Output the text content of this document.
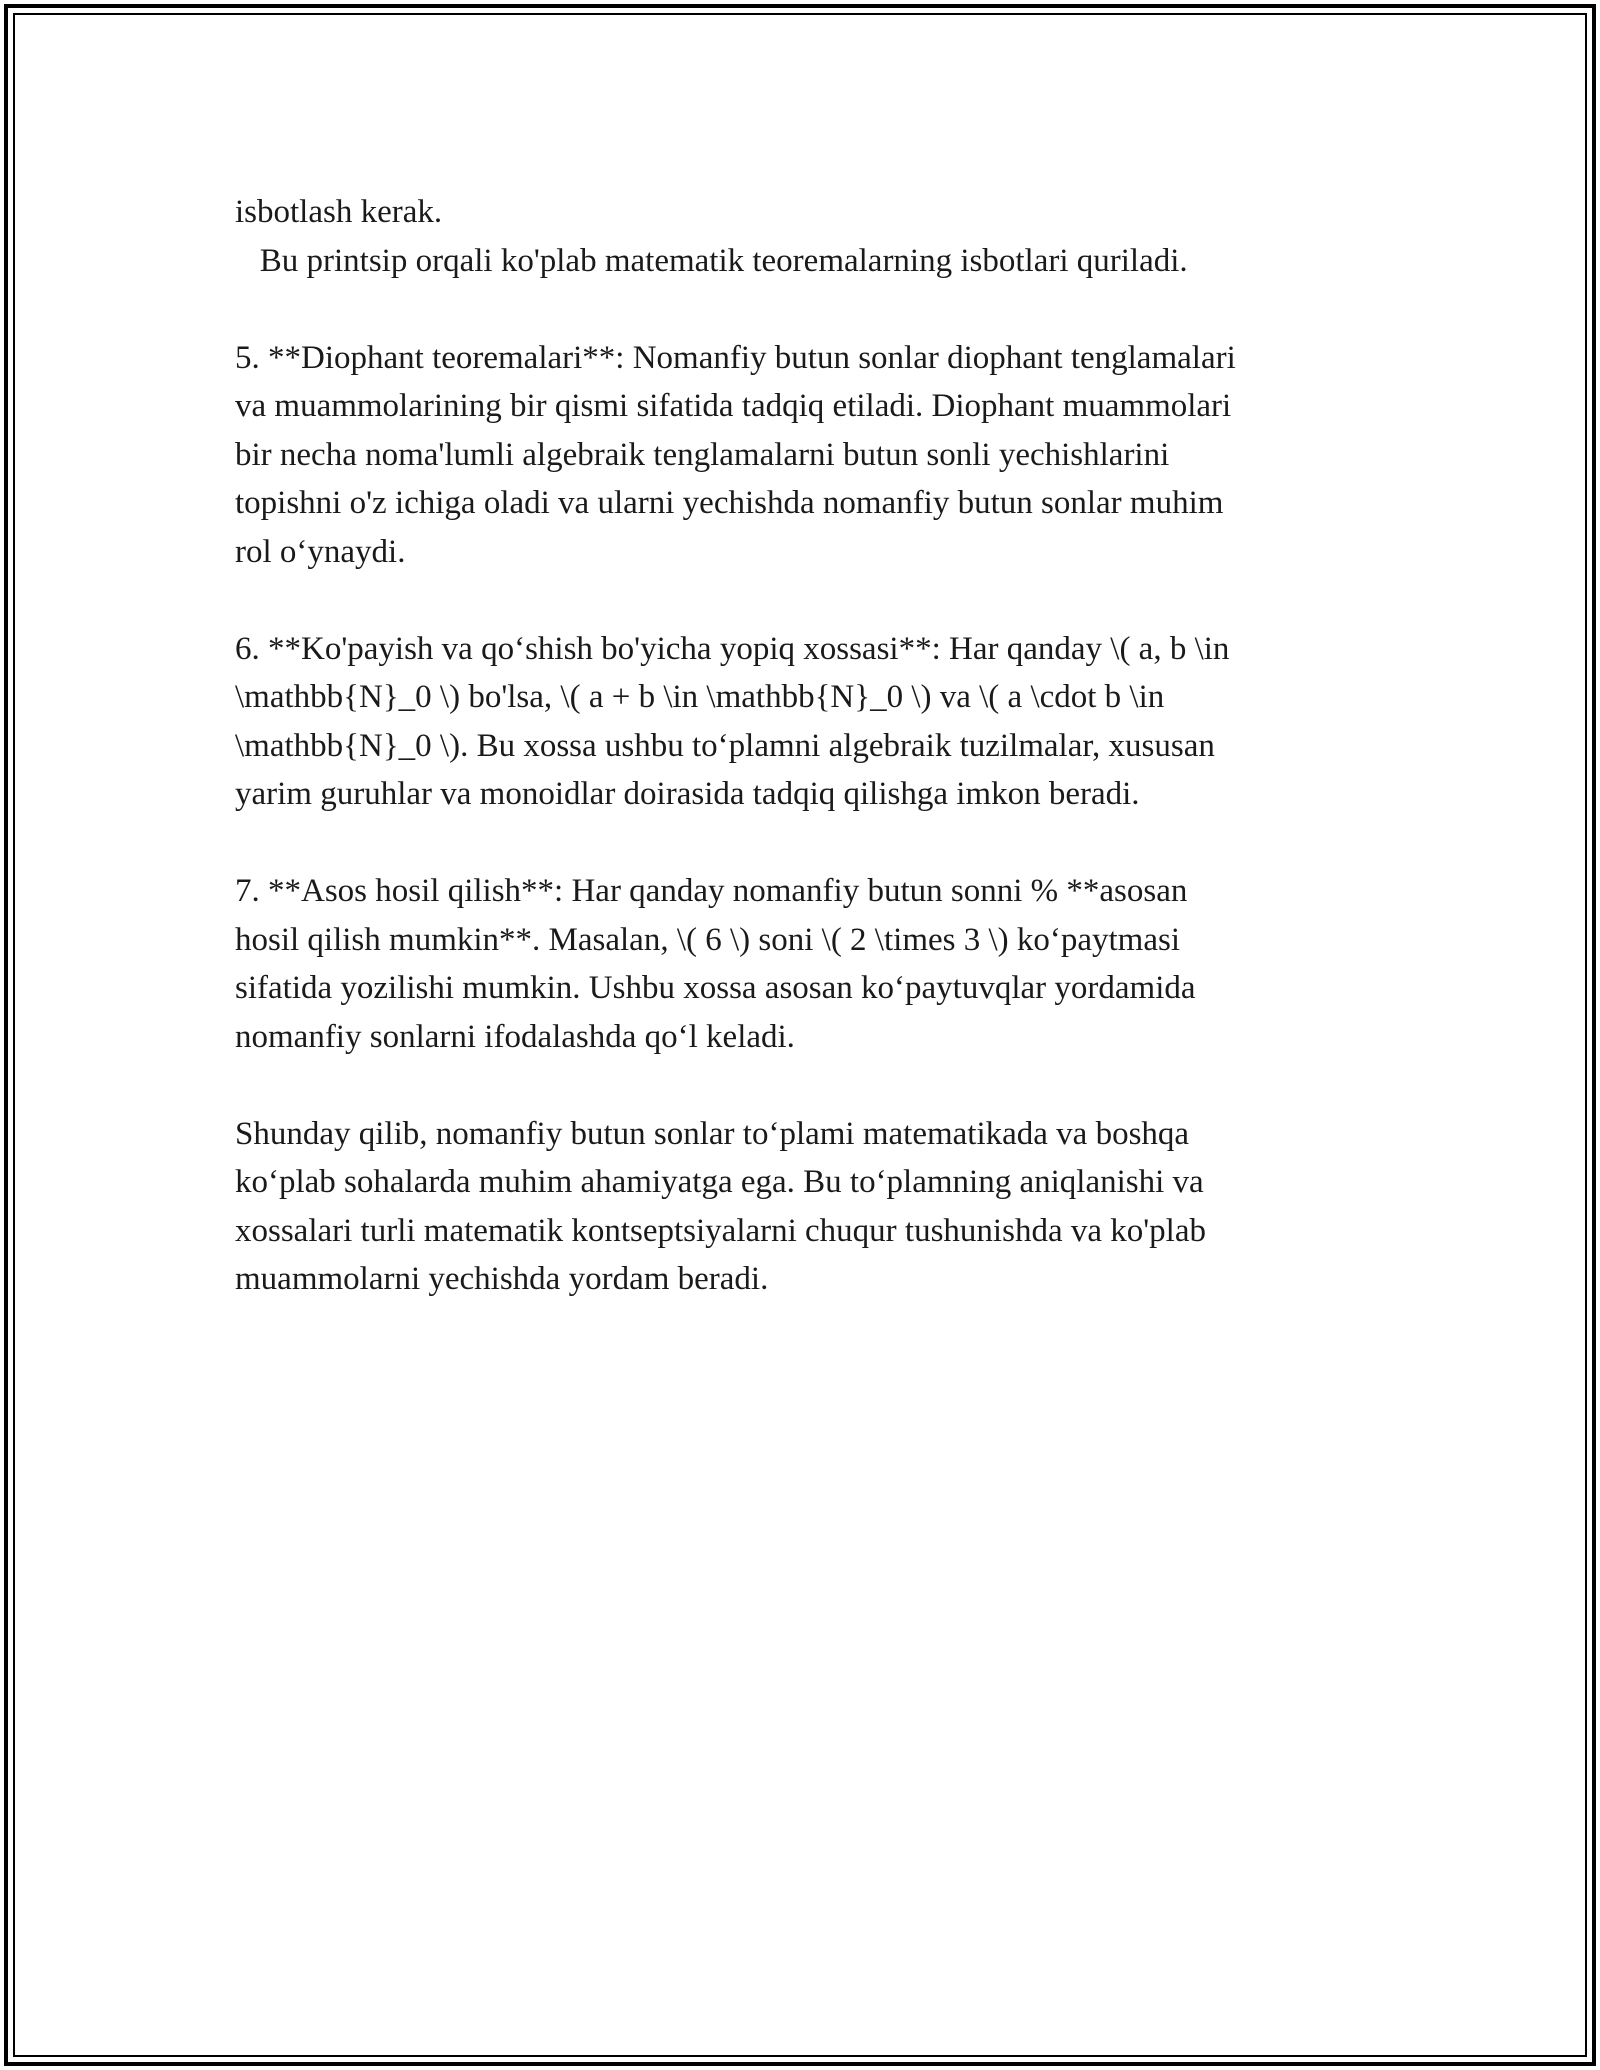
isbotlash kerak.

Bu printsip orqali ko'plab matematik teoremalarning isbotlari quriladi.

5. **Diophant teoremalari**: Nomanfiy butun sonlar diophant tenglamalari

va muammolarining bir qismi sifatida tadqiq etiladi. Diophant muammolari

bir necha noma'lumli algebraik tenglamalarni butun sonli yechishlarini

topishni o'z ichiga oladi va ularni yechishda nomanfiy butun sonlar muhim

rol o‘ynaydi.

6. **Ko'payish va qo‘shish bo'yicha yopiq xossasi**: Har qanday \( a, b \in

\mathbb{N}_0 \) bo'lsa, \( a + b \in \mathbb{N}_0 \) va \( a \cdot b \in

\mathbb{N}_0 \). Bu xossa ushbu to‘plamni algebraik tuzilmalar, xususan

yarim guruhlar va monoidlar doirasida tadqiq qilishga imkon beradi.

7. **Asos hosil qilish**: Har qanday nomanfiy butun sonni % **asosan

hosil qilish mumkin**. Masalan, \( 6 \) soni \( 2 \times 3 \) ko‘paytmasi

sifatida yozilishi mumkin. Ushbu xossa asosan ko‘paytuvqlar yordamida

nomanfiy sonlarni ifodalashda qo‘l keladi.

Shunday qilib, nomanfiy butun sonlar to‘plami matematikada va boshqa

ko‘plab sohalarda muhim ahamiyatga ega. Bu to‘plamning aniqlanishi va

xossalari turli matematik kontseptsiyalarni chuqur tushunishda va ko'plab

muammolarni yechishda yordam beradi.
